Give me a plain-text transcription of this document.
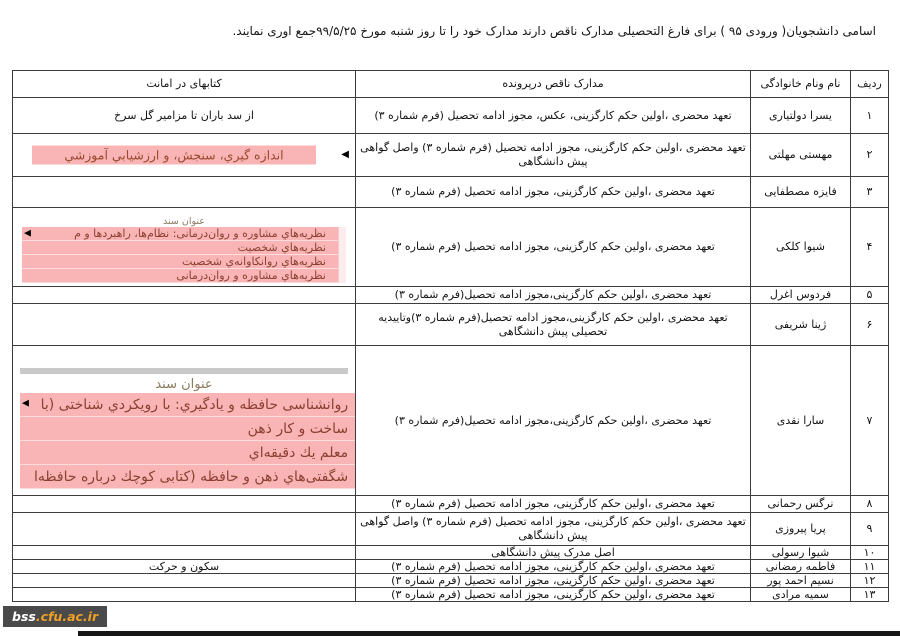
اسامی دانشجویان( ورودی ۹۵ ) برای فارغ التحصیلی مدارک ناقص دارند مدارک خود را تا روز شنبه مورخ ۹۹/۵/۲۵جمع اوری نمایند.
ردیف	نام ونام خانوادگی	مدارک ناقص درپرونده	کتابهای در امانت
۱	یسرا دولتیاری	تعهد محضری ،اولین حکم کارگزینی، عکس، مجوز ادامه تحصیل (فرم شماره ۳)	از سد باران تا مزامیر گل سرخ

۲	مهستی مهلتی	تعهد محضری ،اولین حکم کارگزینی، مجوز ادامه تحصیل (فرم شماره ۳) واصل گواهی پیش دانشگاهی	اندازه گيري، سنجش، و ارزشيابي آموزشي ◀

۳	فایزه مصطفایی	تعهد محضری ،اولین حکم کارگزینی، مجوز ادامه تحصیل (فرم شماره ۳)	
۴	شیوا کلکی	تعهد محضری ،اولین حکم کارگزینی، مجوز ادامه تحصیل (فرم شماره ۳)	
عنوان سند
◀	نظریه‌هاي مشاوره و روان‌درمانی: نظام‌ها، راهبردها و م
نظریه‌هاي شخصیت
نظریه‌هاي روانکاوانه‌ي شخصیت
نظریه‌هاي مشاوره و روان‌درمانی

۵	فردوس اغرل	تعهد محضری ،اولین حکم کارگزینی،مجوز ادامه تحصیل(فرم شماره ۳)	
۶	ژینا شریفی	تعهد محضری ،اولین حکم کارگزینی،مجوز ادامه تحصیل(فرم شماره ۳)وتاییدیه تحصیلی پیش دانشگاهی	
۷	سارا نقدی	تعهد محضری ،اولین حکم کارگزینی،مجوز ادامه تحصیل(فرم شماره ۳)	
عنوان سند
◀ روانشناسی حافظه و یادگیري: با رویکردي شناختی (با
ساخت و کار ذهن
معلم یك دقیقه‌اي
شگفتی‌هاي ذهن و حافظه (کتابی کوچك درباره حافظه‌ا

۸	نرگس رحمانی	تعهد محضری ،اولین حکم کارگزینی، مجوز ادامه تحصیل (فرم شماره ۳)	
۹	پریا پیروزی	تعهد محضری ،اولین حکم کارگزینی، مجوز ادامه تحصیل (فرم شماره ۳) واصل گواهی پیش دانشگاهی	
۱۰	شیوا رسولی	اصل مدرک پیش دانشگاهی	
۱۱	فاطمه رمضانی	تعهد محضری ،اولین حکم کارگزینی، مجوز ادامه تحصیل (فرم شماره ۳)	سکون و حرکت

۱۲	نسیم احمد پور	تعهد محضری ،اولین حکم کارگزینی، مجوز ادامه تحصیل (فرم شماره ۳)	
۱۳	سمیه مرادی	تعهد محضری ،اولین حکم کارگزینی، مجوز ادامه تحصیل (فرم شماره ۳)	
bss .cfu.ac.ir
